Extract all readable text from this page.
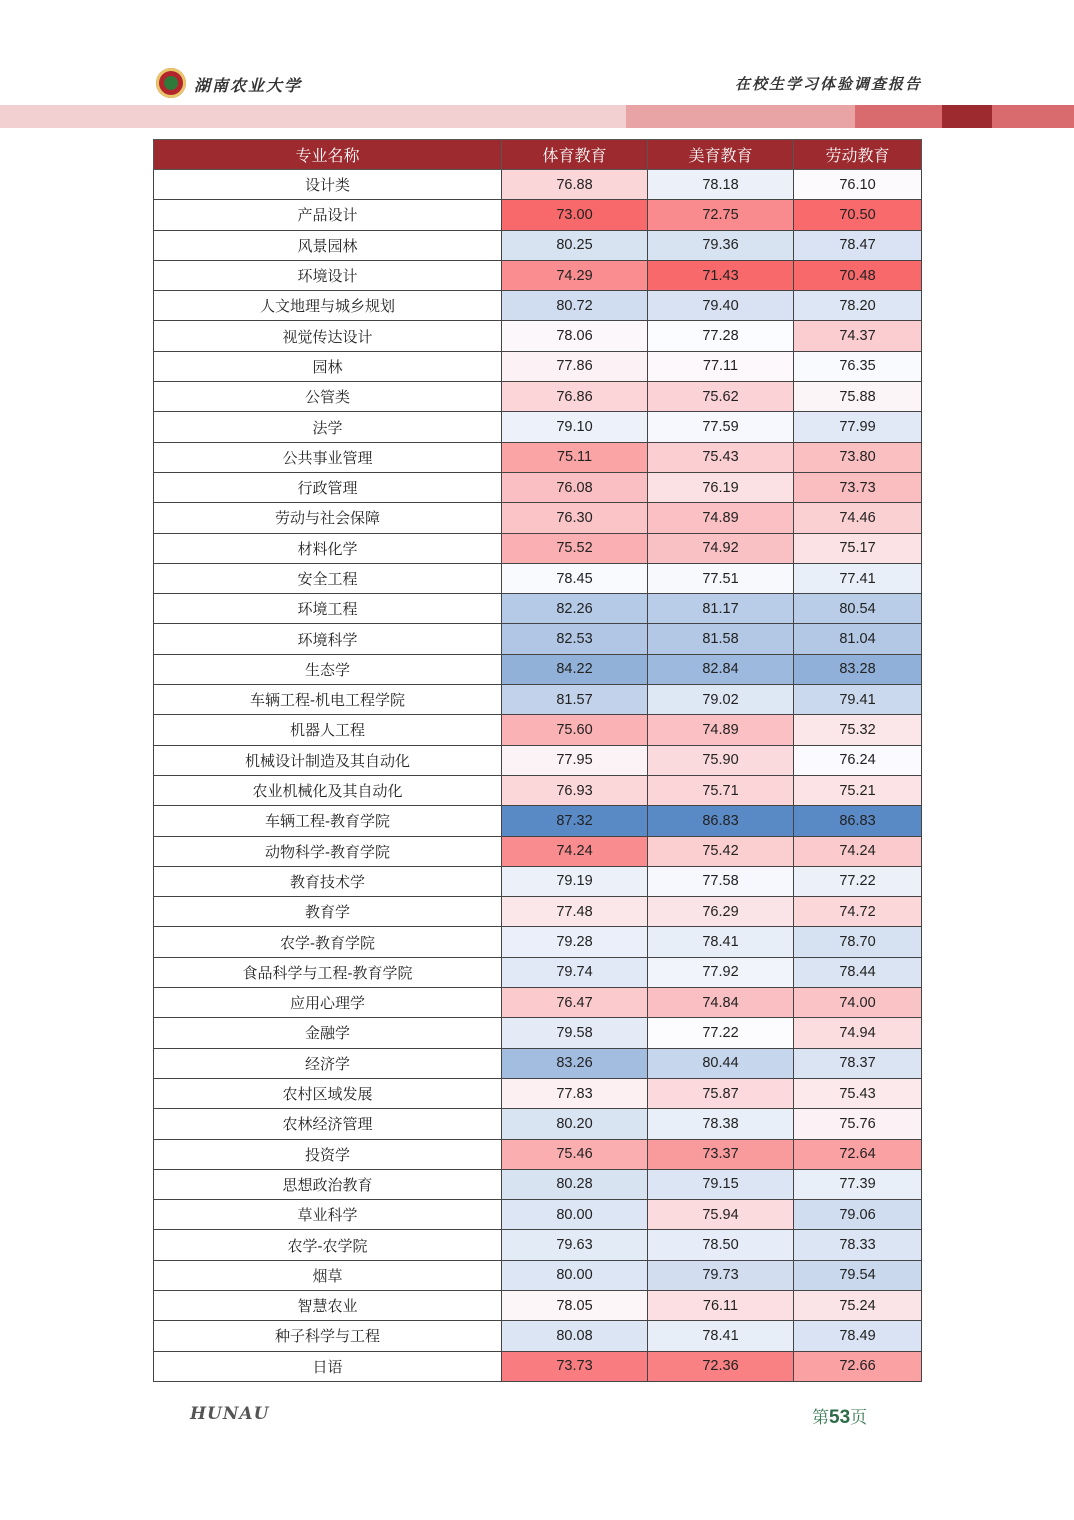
湖南农业大学	在校生学习体验调查报告
专业名称	体育教育	美育教育	劳动教育
设计类	76.88	78.18	76.10
产品设计	73.00	72.75	70.50
风景园林	80.25	79.36	78.47
环境设计	74.29	71.43	70.48
人文地理与城乡规划	80.72	79.40	78.20
视觉传达设计	78.06	77.28	74.37
园林	77.86	77.11	76.35
公管类	76.86	75.62	75.88
法学	79.10	77.59	77.99
公共事业管理	75.11	75.43	73.80
行政管理	76.08	76.19	73.73
劳动与社会保障	76.30	74.89	74.46
材料化学	75.52	74.92	75.17
安全工程	78.45	77.51	77.41
环境工程	82.26	81.17	80.54
环境科学	82.53	81.58	81.04
生态学	84.22	82.84	83.28
车辆工程-机电工程学院	81.57	79.02	79.41
机器人工程	75.60	74.89	75.32
机械设计制造及其自动化	77.95	75.90	76.24
农业机械化及其自动化	76.93	75.71	75.21
车辆工程-教育学院	87.32	86.83	86.83
动物科学-教育学院	74.24	75.42	74.24
教育技术学	79.19	77.58	77.22
教育学	77.48	76.29	74.72
农学-教育学院	79.28	78.41	78.70
食品科学与工程-教育学院	79.74	77.92	78.44
应用心理学	76.47	74.84	74.00
金融学	79.58	77.22	74.94
经济学	83.26	80.44	78.37
农村区域发展	77.83	75.87	75.43
农林经济管理	80.20	78.38	75.76
投资学	75.46	73.37	72.64
思想政治教育	80.28	79.15	77.39
草业科学	80.00	75.94	79.06
农学-农学院	79.63	78.50	78.33
烟草	80.00	79.73	79.54
智慧农业	78.05	76.11	75.24
种子科学与工程	80.08	78.41	78.49
日语	73.73	72.36	72.66
HUNAU	第53页
